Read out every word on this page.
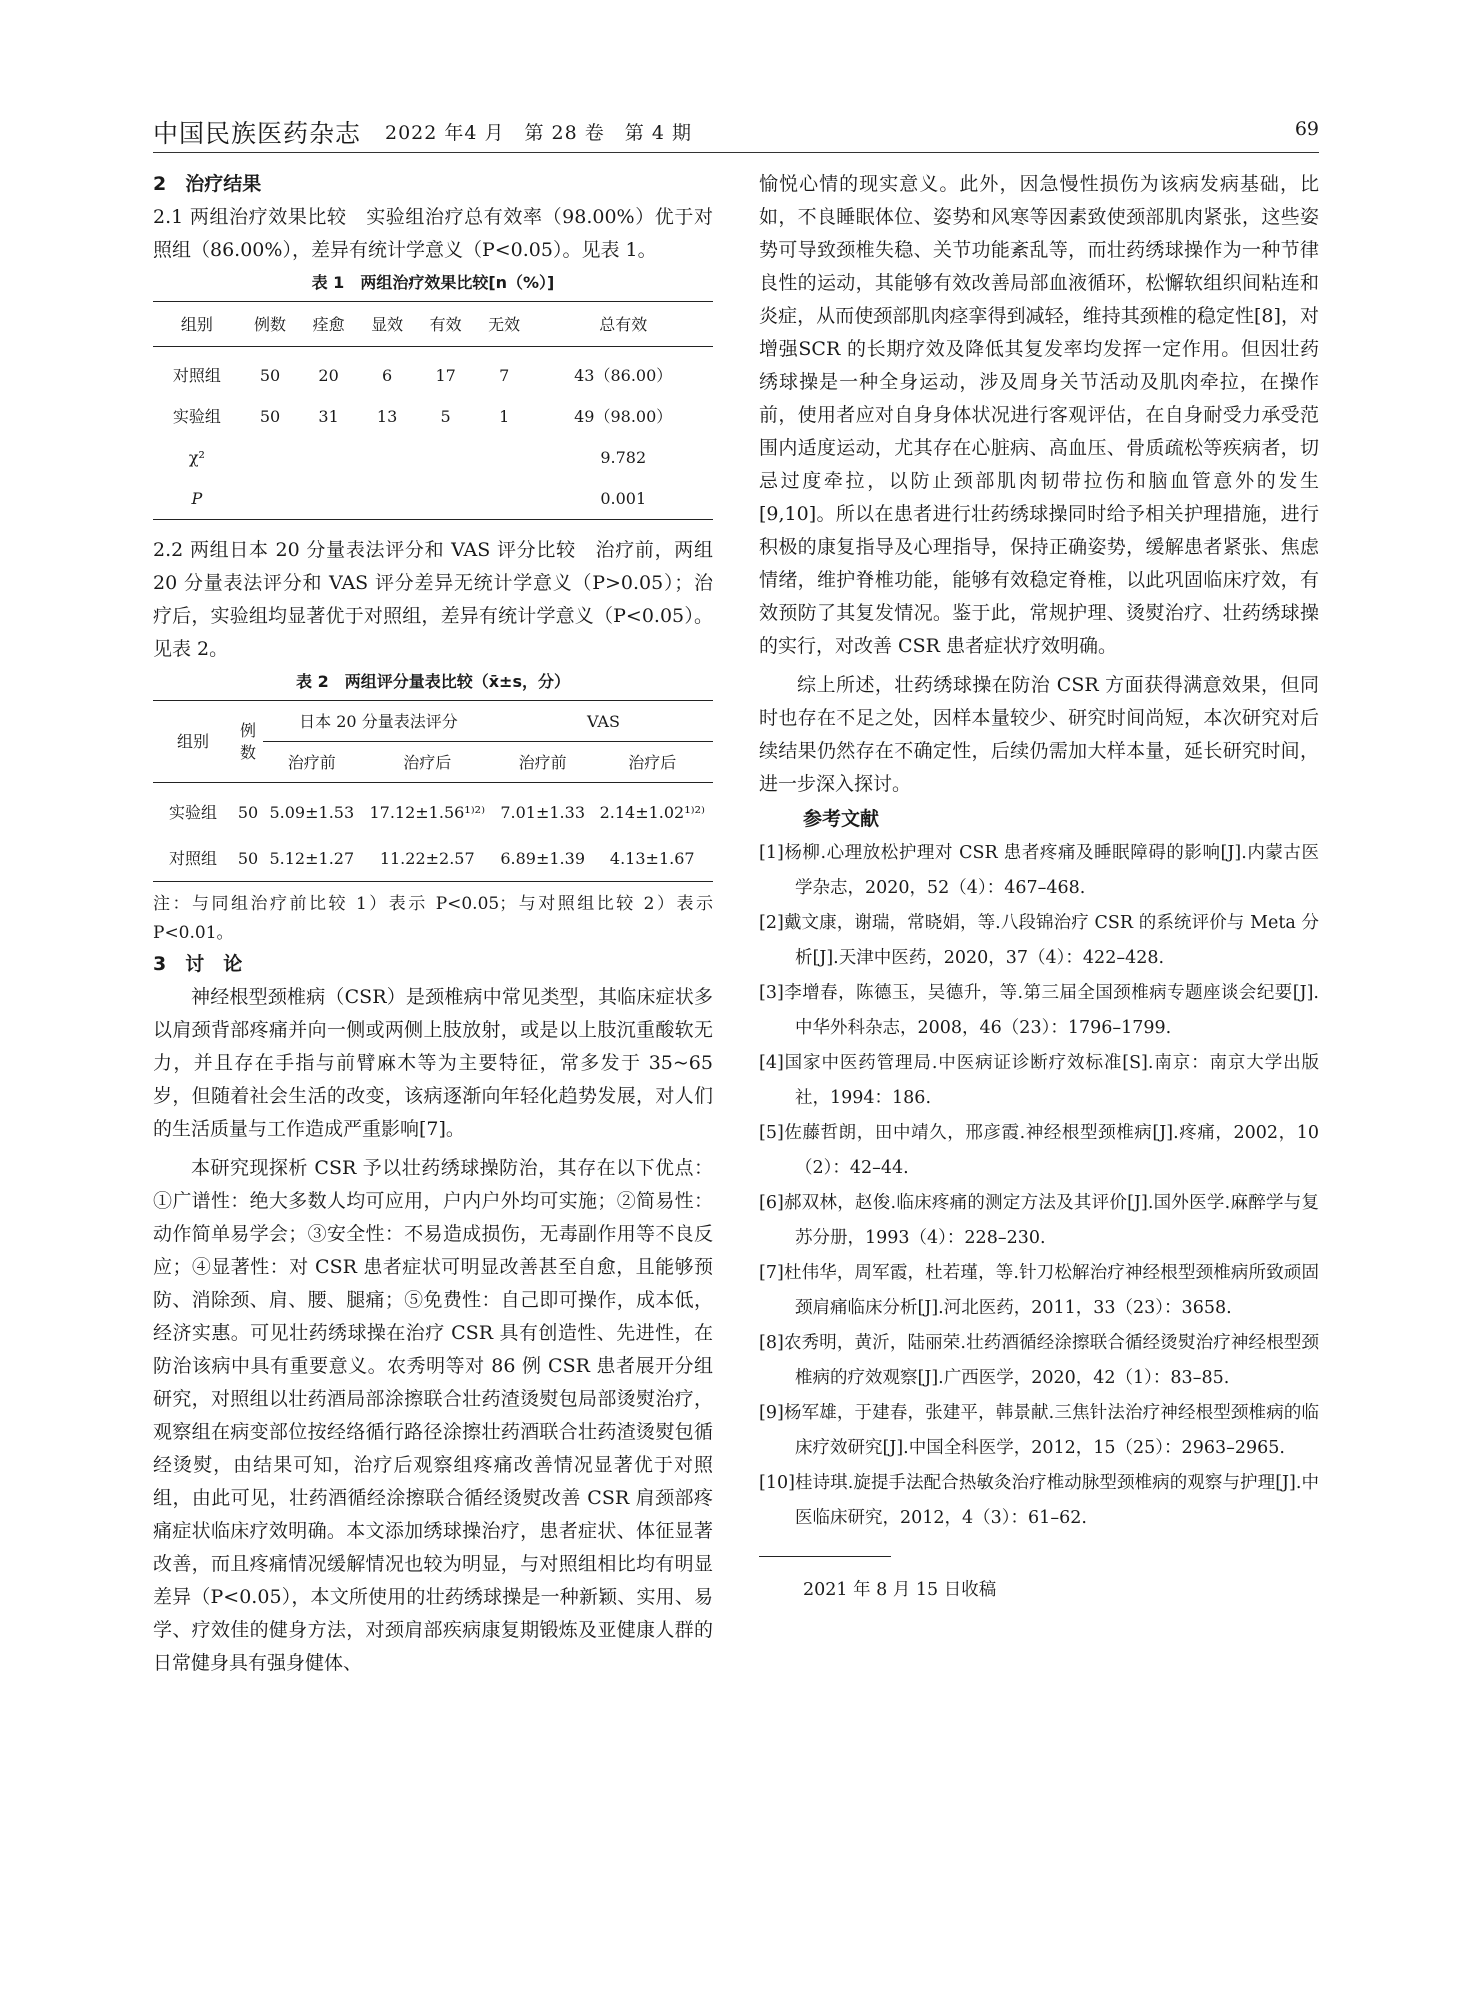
中国民族医药杂志 2022 年4 月　第 28 卷　第 4 期	69
2　治疗结果

2.1 两组治疗效果比较　实验组治疗总有效率（98.00%）优于对照组（86.00%），差异有统计学意义（P<0.05）。见表 1。

表 1　两组治疗效果比较[n（%）]
组别	例数	痊愈	显效	有效	无效	总有效
对照组	50	20	6	17	7	43（86.00）
实验组	50	31	13	5	1	49（98.00）
χ²						9.782
P						0.001

2.2 两组日本 20 分量表法评分和 VAS 评分比较　治疗前，两组 20 分量表法评分和 VAS 评分差异无统计学意义（P>0.05）；治疗后，实验组均显著优于对照组，差异有统计学意义（P<0.05）。见表 2。

表 2　两组评分量表比较（x̄±s，分）
组别	例数	日本 20 分量表法评分		VAS	
		治疗前	治疗后	治疗前	治疗后
实验组	50	5.09±1.53	17.12±1.56¹⁾²⁾	7.01±1.33	2.14±1.02¹⁾²⁾
对照组	50	5.12±1.27	11.22±2.57	6.89±1.39	4.13±1.67

注：与同组治疗前比较 1）表示 P<0.05；与对照组比较 2）表示 P<0.01。

3　讨　论

神经根型颈椎病（CSR）是颈椎病中常见类型，其临床症状多以肩颈背部疼痛并向一侧或两侧上肢放射，或是以上肢沉重酸软无力，并且存在手指与前臂麻木等为主要特征，常多发于 35~65 岁，但随着社会生活的改变，该病逐渐向年轻化趋势发展，对人们的生活质量与工作造成严重影响[7]。

本研究现探析 CSR 予以壮药绣球操防治，其存在以下优点：①广谱性：绝大多数人均可应用，户内户外均可实施；②简易性：动作简单易学会；③安全性：不易造成损伤，无毒副作用等不良反应；④显著性：对 CSR 患者症状可明显改善甚至自愈，且能够预防、消除颈、肩、腰、腿痛；⑤免费性：自己即可操作，成本低，经济实惠。可见壮药绣球操在治疗 CSR 具有创造性、先进性，在防治该病中具有重要意义。农秀明等对 86 例 CSR 患者展开分组研究，对照组以壮药酒局部涂擦联合壮药渣烫熨包局部烫熨治疗，观察组在病变部位按经络循行路径涂擦壮药酒联合壮药渣烫熨包循经烫熨，由结果可知，治疗后观察组疼痛改善情况显著优于对照组，由此可见，壮药酒循经涂擦联合循经烫熨改善 CSR 肩颈部疼痛症状临床疗效明确。本文添加绣球操治疗，患者症状、体征显著改善，而且疼痛情况缓解情况也较为明显，与对照组相比均有明显差异（P<0.05），本文所使用的壮药绣球操是一种新颖、实用、易学、疗效佳的健身方法，对颈肩部疾病康复期锻炼及亚健康人群的日常健身具有强身健体、

愉悦心情的现实意义。此外，因急慢性损伤为该病发病基础，比如，不良睡眠体位、姿势和风寒等因素致使颈部肌肉紧张，这些姿势可导致颈椎失稳、关节功能紊乱等，而壮药绣球操作为一种节律良性的运动，其能够有效改善局部血液循环，松懈软组织间粘连和炎症，从而使颈部肌肉痉挛得到减轻，维持其颈椎的稳定性[8]，对增强SCR 的长期疗效及降低其复发率均发挥一定作用。但因壮药绣球操是一种全身运动，涉及周身关节活动及肌肉牵拉，在操作前，使用者应对自身身体状况进行客观评估，在自身耐受力承受范围内适度运动，尤其存在心脏病、高血压、骨质疏松等疾病者，切忌过度牵拉，以防止颈部肌肉韧带拉伤和脑血管意外的发生[9,10]。所以在患者进行壮药绣球操同时给予相关护理措施，进行积极的康复指导及心理指导，保持正确姿势，缓解患者紧张、焦虑情绪，维护脊椎功能，能够有效稳定脊椎，以此巩固临床疗效，有效预防了其复发情况。鉴于此，常规护理、烫熨治疗、壮药绣球操的实行，对改善 CSR 患者症状疗效明确。

综上所述，壮药绣球操在防治 CSR 方面获得满意效果，但同时也存在不足之处，因样本量较少、研究时间尚短，本次研究对后续结果仍然存在不确定性，后续仍需加大样本量，延长研究时间，进一步深入探讨。

参考文献
[1]杨柳.心理放松护理对 CSR 患者疼痛及睡眠障碍的影响[J].内蒙古医学杂志，2020，52（4）：467–468.
[2]戴文康，谢瑞，常晓娟，等.八段锦治疗 CSR 的系统评价与 Meta 分析[J].天津中医药，2020，37（4）：422–428.
[3]李增春，陈德玉，吴德升，等.第三届全国颈椎病专题座谈会纪要[J].中华外科杂志，2008，46（23）：1796–1799.
[4]国家中医药管理局.中医病证诊断疗效标准[S].南京：南京大学出版社，1994：186.
[5]佐藤哲朗，田中靖久，邢彦霞.神经根型颈椎病[J].疼痛，2002，10（2）：42–44.
[6]郝双林，赵俊.临床疼痛的测定方法及其评价[J].国外医学.麻醉学与复苏分册，1993（4）：228–230.
[7]杜伟华，周军霞，杜若瑾，等.针刀松解治疗神经根型颈椎病所致顽固颈肩痛临床分析[J].河北医药，2011，33（23）：3658.
[8]农秀明，黄沂，陆丽荣.壮药酒循经涂擦联合循经烫熨治疗神经根型颈椎病的疗效观察[J].广西医学，2020，42（1）：83–85.
[9]杨军雄，于建春，张建平，韩景献.三焦针法治疗神经根型颈椎病的临床疗效研究[J].中国全科医学，2012，15（25）：2963–2965.
[10]桂诗琪.旋提手法配合热敏灸治疗椎动脉型颈椎病的观察与护理[J].中医临床研究，2012，4（3）：61–62.
2021 年 8 月 15 日收稿
